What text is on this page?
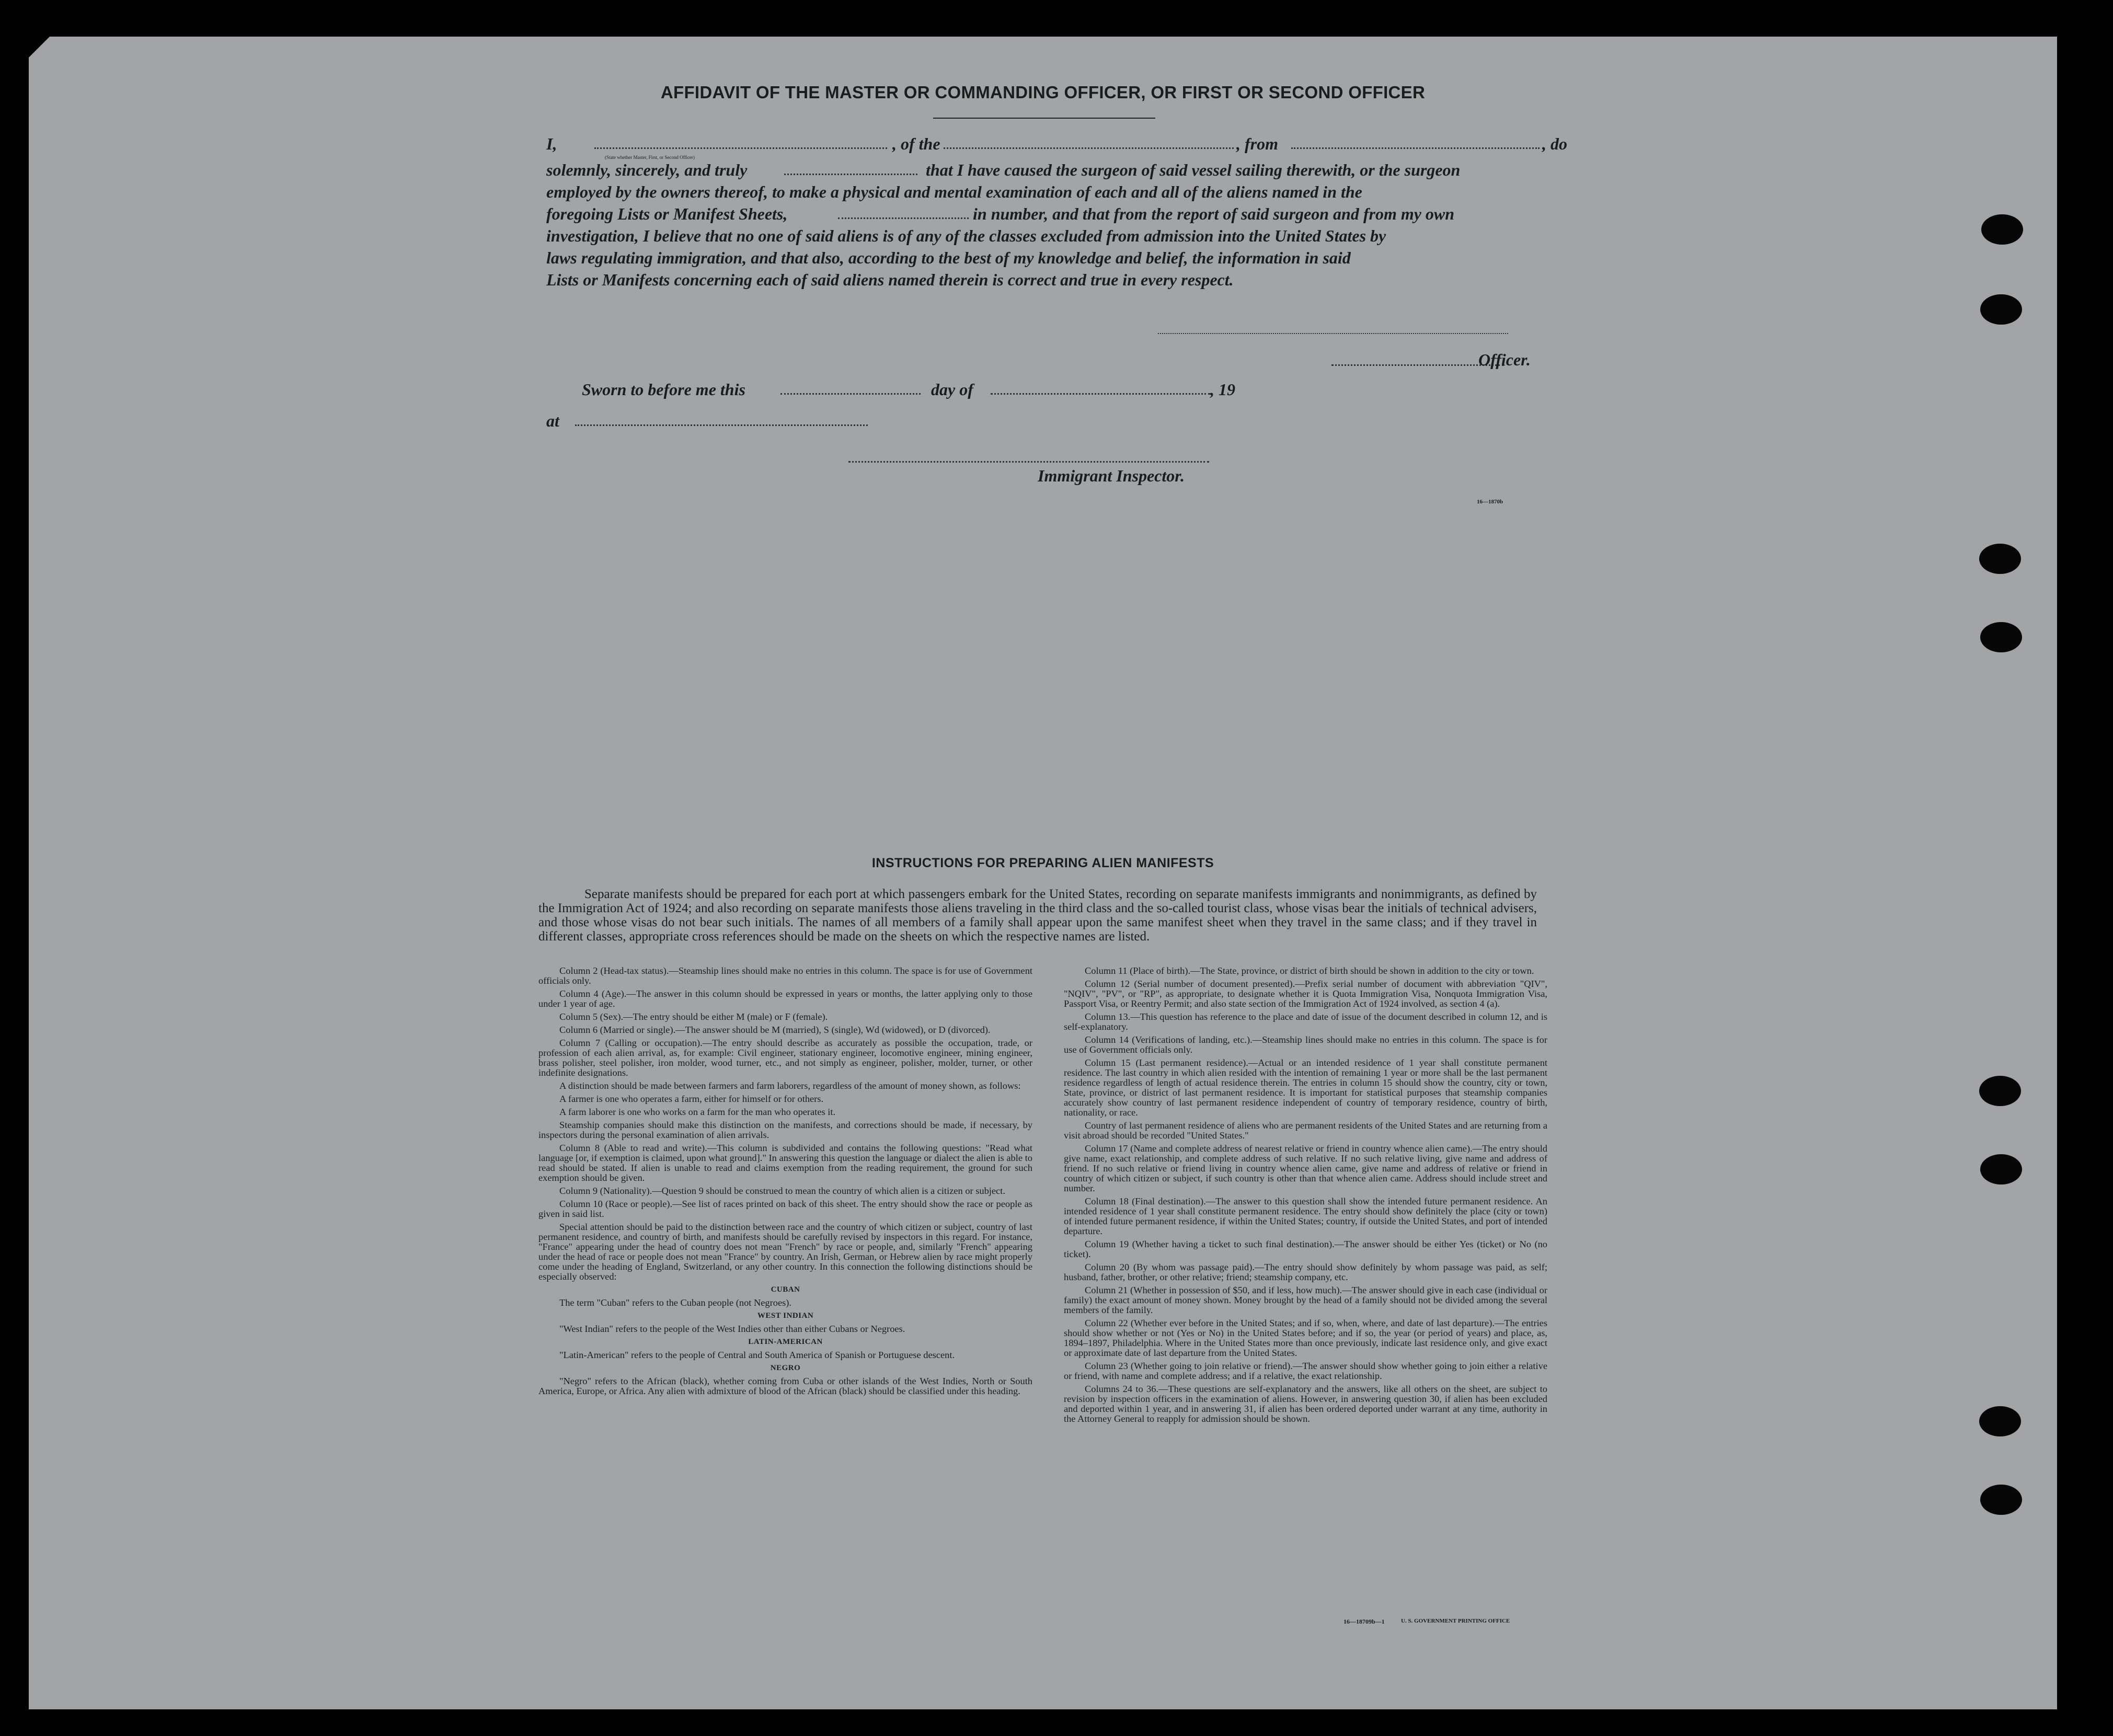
AFFIDAVIT OF THE MASTER OR COMMANDING OFFICER, OR FIRST OR SECOND OFFICER
I,	, of the	, from	, do
(State whether Master, First, or Second Officer)
solemnly, sincerely, and truly	that I have caused the surgeon of said vessel sailing therewith, or the surgeon
employed by the owners thereof, to make a physical and mental examination of each and all of the aliens named in the
foregoing Lists or Manifest Sheets,	in number, and that from the report of said surgeon and from my own
investigation, I believe that no one of said aliens is of any of the classes excluded from admission into the United States by
laws regulating immigration, and that also, according to the best of my knowledge and belief, the information in said
Lists or Manifests concerning each of said aliens named therein is correct and true in every respect.
Officer.
Sworn to before me this	day of	, 19
at
Immigrant Inspector.
16—1870b
INSTRUCTIONS FOR PREPARING ALIEN MANIFESTS
Separate manifests should be prepared for each port at which passengers embark for the United States, recording on separate manifests immigrants and nonimmigrants, as defined by the Immigration Act of 1924; and also recording on separate manifests those aliens traveling in the third class and the so-called tourist class, whose visas bear the initials of technical advisers, and those whose visas do not bear such initials. The names of all members of a family shall appear upon the same manifest sheet when they travel in the same class; and if they travel in different classes, appropriate cross references should be made on the sheets on which the respective names are listed.

Column 2 (Head-tax status).—Steamship lines should make no entries in this column. The space is for use of Government officials only.

Column 4 (Age).—The answer in this column should be expressed in years or months, the latter applying only to those under 1 year of age.

Column 5 (Sex).—The entry should be either M (male) or F (female).

Column 6 (Married or single).—The answer should be M (married), S (single), Wd (widowed), or D (divorced).

Column 7 (Calling or occupation).—The entry should describe as accurately as possible the occupation, trade, or profession of each alien arrival, as, for example: Civil engineer, stationary engineer, locomotive engineer, mining engineer, brass polisher, steel polisher, iron molder, wood turner, etc., and not simply as engineer, polisher, molder, turner, or other indefinite designations.

A distinction should be made between farmers and farm laborers, regardless of the amount of money shown, as follows:

A farmer is one who operates a farm, either for himself or for others.

A farm laborer is one who works on a farm for the man who operates it.

Steamship companies should make this distinction on the manifests, and corrections should be made, if necessary, by inspectors during the personal examination of alien arrivals.

Column 8 (Able to read and write).—This column is subdivided and contains the following questions: "Read what language [or, if exemption is claimed, upon what ground]." In answering this question the language or dialect the alien is able to read should be stated. If alien is unable to read and claims exemption from the reading requirement, the ground for such exemption should be given.

Column 9 (Nationality).—Question 9 should be construed to mean the country of which alien is a citizen or subject.

Column 10 (Race or people).—See list of races printed on back of this sheet. The entry should show the race or people as given in said list.

Special attention should be paid to the distinction between race and the country of which citizen or subject, country of last permanent residence, and country of birth, and manifests should be carefully revised by inspectors in this regard. For instance, "France" appearing under the head of country does not mean "French" by race or people, and, similarly "French" appearing under the head of race or people does not mean "France" by country. An Irish, German, or Hebrew alien by race might properly come under the heading of England, Switzerland, or any other country. In this connection the following distinctions should be especially observed:

CUBAN

The term "Cuban" refers to the Cuban people (not Negroes).

WEST INDIAN

"West Indian" refers to the people of the West Indies other than either Cubans or Negroes.

LATIN-AMERICAN

"Latin-American" refers to the people of Central and South America of Spanish or Portuguese descent.

NEGRO

"Negro" refers to the African (black), whether coming from Cuba or other islands of the West Indies, North or South America, Europe, or Africa. Any alien with admixture of blood of the African (black) should be classified under this heading.

Column 11 (Place of birth).—The State, province, or district of birth should be shown in addition to the city or town.

Column 12 (Serial number of document presented).—Prefix serial number of document with abbreviation "QIV", "NQIV", "PV", or "RP", as appropriate, to designate whether it is Quota Immigration Visa, Nonquota Immigration Visa, Passport Visa, or Reentry Permit; and also state section of the Immigration Act of 1924 involved, as section 4 (a).

Column 13.—This question has reference to the place and date of issue of the document described in column 12, and is self-explanatory.

Column 14 (Verifications of landing, etc.).—Steamship lines should make no entries in this column. The space is for use of Government officials only.

Column 15 (Last permanent residence).—Actual or an intended residence of 1 year shall constitute permanent residence. The last country in which alien resided with the intention of remaining 1 year or more shall be the last permanent residence regardless of length of actual residence therein. The entries in column 15 should show the country, city or town, State, province, or district of last permanent residence. It is important for statistical purposes that steamship companies accurately show country of last permanent residence independent of country of temporary residence, country of birth, nationality, or race.

Country of last permanent residence of aliens who are permanent residents of the United States and are returning from a visit abroad should be recorded "United States."

Column 17 (Name and complete address of nearest relative or friend in country whence alien came).—The entry should give name, exact relationship, and complete address of such relative. If no such relative living, give name and address of friend. If no such relative or friend living in country whence alien came, give name and address of relative or friend in country of which citizen or subject, if such country is other than that whence alien came. Address should include street and number.

Column 18 (Final destination).—The answer to this question shall show the intended future permanent residence. An intended residence of 1 year shall constitute permanent residence. The entry should show definitely the place (city or town) of intended future permanent residence, if within the United States; country, if outside the United States, and port of intended departure.

Column 19 (Whether having a ticket to such final destination).—The answer should be either Yes (ticket) or No (no ticket).

Column 20 (By whom was passage paid).—The entry should show definitely by whom passage was paid, as self; husband, father, brother, or other relative; friend; steamship company, etc.

Column 21 (Whether in possession of $50, and if less, how much).—The answer should give in each case (individual or family) the exact amount of money shown. Money brought by the head of a family should not be divided among the several members of the family.

Column 22 (Whether ever before in the United States; and if so, when, where, and date of last departure).—The entries should show whether or not (Yes or No) in the United States before; and if so, the year (or period of years) and place, as, 1894–1897, Philadelphia. Where in the United States more than once previously, indicate last residence only, and give exact or approximate date of last departure from the United States.

Column 23 (Whether going to join relative or friend).—The answer should show whether going to join either a relative or friend, with name and complete address; and if a relative, the exact relationship.

Columns 24 to 36.—These questions are self-explanatory and the answers, like all others on the sheet, are subject to revision by inspection officers in the examination of aliens. However, in answering question 30, if alien has been excluded and deported within 1 year, and in answering 31, if alien has been ordered deported under warrant at any time, authority in the Attorney General to reapply for admission should be shown.

16—18709b—1	U. S. GOVERNMENT PRINTING OFFICE
